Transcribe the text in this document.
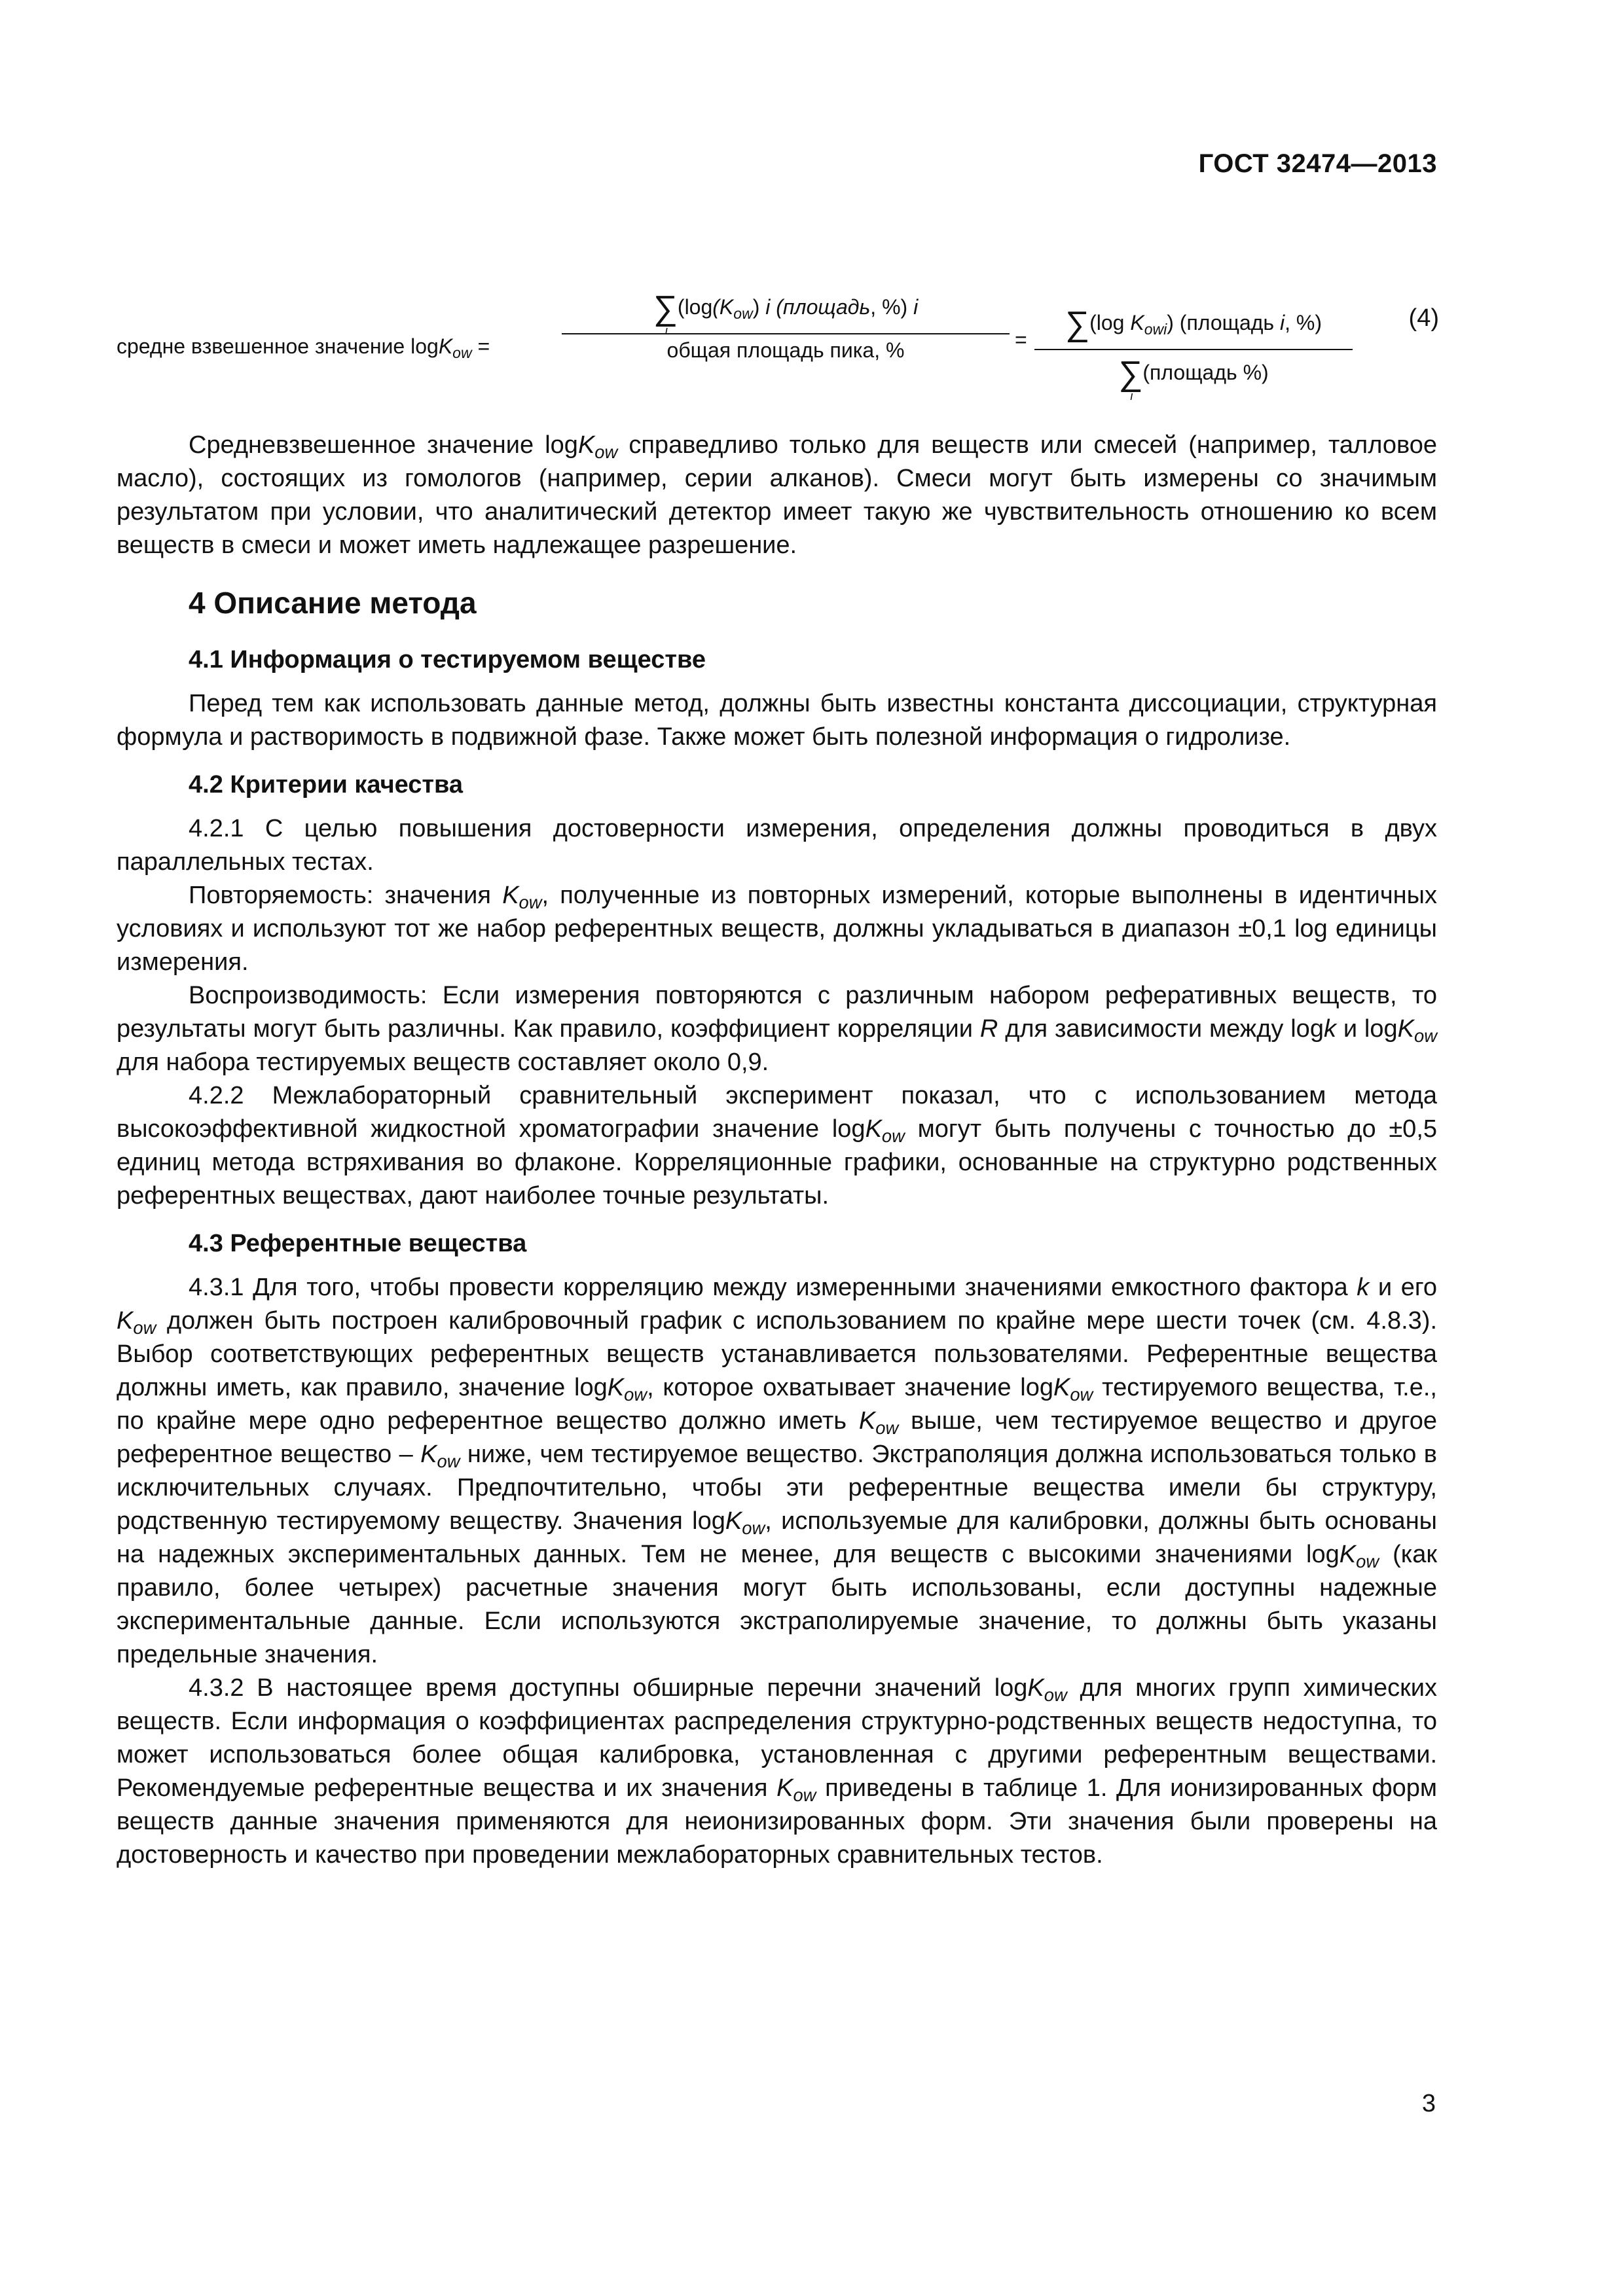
ГОСТ 32474—2013
средне взвешенное значение logK$_{ow}$ =
∑
i
($\log(K_{ow})$ i (площадь, %) i
общая площадь пика, %	=	∑(log $K_{owi}$) (площадь i, %)
∑
i
(площадь %)
(4)

Средневзвешенное значение logK$_{ow}$ справедливо только для веществ или смесей (например, талловое масло), состоящих из гомологов (например, серии алканов). Смеси могут быть измерены со значимым результатом при условии, что аналитический детектор имеет такую же чувствительность отношению ко всем веществ в смеси и может иметь надлежащее разрешение.

4 Описание метода
4.1 Информация о тестируемом веществе

Перед тем как использовать данные метод, должны быть известны константа диссоциации, структурная формула и растворимость в подвижной фазе. Также может быть полезной информация о гидролизе.

4.2 Критерии качества

4.2.1 С целью повышения достоверности измерения, определения должны проводиться в двух параллельных тестах.

Повторяемость: значения $K_{ow}$, полученные из повторных измерений, которые выполнены в идентичных условиях и используют тот же набор референтных веществ, должны укладываться в диапазон ±0,1 log единицы измерения.

Воспроизводимость: Если измерения повторяются с различным набором реферативных веществ, то результаты могут быть различны. Как правило, коэффициент корреляции R для зависимости между logk и logK$_{ow}$ для набора тестируемых веществ составляет около 0,9.

4.2.2 Межлабораторный сравнительный эксперимент показал, что с использованием метода высокоэффективной жидкостной хроматографии значение logK$_{ow}$ могут быть получены с точностью до ±0,5 единиц метода встряхивания во флаконе. Корреляционные графики, основанные на структурно родственных референтных веществах, дают наиболее точные результаты.

4.3 Референтные вещества

4.3.1 Для того, чтобы провести корреляцию между измеренными значениями емкостного фактора k и его $K_{ow}$ должен быть построен калибровочный график с использованием по крайне мере шести точек (см. 4.8.3). Выбор соответствующих референтных веществ устанавливается пользователями. Референтные вещества должны иметь, как правило, значение logK$_{ow}$, которое охватывает значение logK$_{ow}$ тестируемого вещества, т.е., по крайне мере одно референтное вещество должно иметь $K_{ow}$ выше, чем тестируемое вещество и другое референтное вещество – $K_{ow}$ ниже, чем тестируемое вещество. Экстраполяция должна использоваться только в исключительных случаях. Предпочтительно, чтобы эти референтные вещества имели бы структуру, родственную тестируемому веществу. Значения logK$_{ow}$, используемые для калибровки, должны быть основаны на надежных экспериментальных данных. Тем не менее, для веществ с высокими значениями logK$_{ow}$ (как правило, более четырех) расчетные значения могут быть использованы, если доступны надежные экспериментальные данные. Если используются экстраполируемые значение, то должны быть указаны предельные значения.

4.3.2 В настоящее время доступны обширные перечни значений logK$_{ow}$ для многих групп химических веществ. Если информация о коэффициентах распределения структурно-родственных веществ недоступна, то может использоваться более общая калибровка, установленная с другими референтным веществами. Рекомендуемые референтные вещества и их значения $K_{ow}$ приведены в таблице 1. Для ионизированных форм веществ данные значения применяются для неионизированных форм. Эти значения были проверены на достоверность и качество при проведении межлабораторных сравнительных тестов.

3
